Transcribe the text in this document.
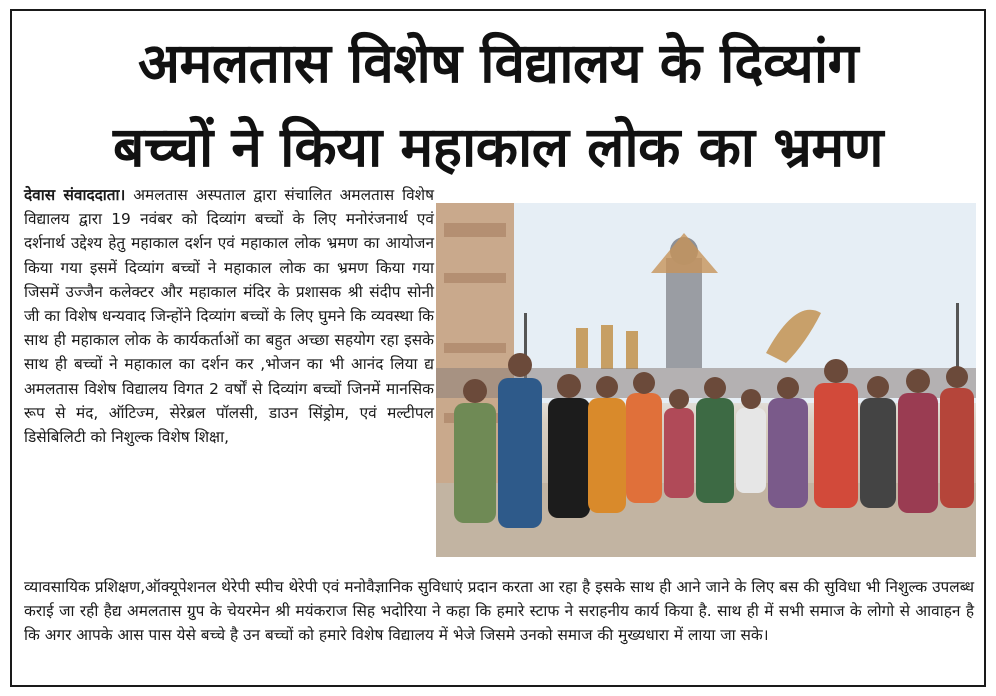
अमलतास विशेष विद्यालय के दिव्यांग
बच्चों ने किया महाकाल लोक का भ्रमण
देवास संवाददाता। अमलतास अस्पताल द्वारा संचालित अमलतास विशेष विद्यालय द्वारा 19 नवंबर को दिव्यांग बच्चों के लिए मनोरंजनार्थ एवं दर्शनार्थ उद्देश्य हेतु महाकाल दर्शन एवं महाकाल लोक भ्रमण का आयोजन किया गया इसमें दिव्यांग बच्चों ने महाकाल लोक का भ्रमण किया गया जिसमें उज्जैन कलेक्टर और महाकाल मंदिर के प्रशासक श्री संदीप सोनी जी का विशेष धन्यवाद जिन्होंने दिव्यांग बच्चों के लिए घुमने कि व्यवस्था कि साथ ही महाकाल लोक के कार्यकर्ताओं का बहुत अच्छा सहयोग रहा इसके साथ ही बच्चों ने महाकाल का दर्शन कर ,भोजन का भी आनंद लिया द्य अमलतास विशेष विद्यालय विगत 2 वर्षों से दिव्यांग बच्चों जिनमें मानसिक रूप से मंद, ऑटिज्म, सेरेब्रल पॉलसी, डाउन सिंड्रोम, एवं मल्टीपल डिसेबिलिटी को निशुल्क विशेष शिक्षा,
व्यावसायिक प्रशिक्षण,ऑक्यूपेशनल थेरेपी स्पीच थेरेपी एवं मनोवैज्ञानिक सुविधाएं प्रदान करता आ रहा है इसके साथ ही आने जाने के लिए बस की सुविधा भी निशुल्क उपलब्ध कराई जा रही हैद्य अमलतास ग्रुप के चेयरमेन श्री मयंकराज सिह भदोरिया ने कहा कि हमारे स्टाफ ने सराहनीय कार्य किया है. साथ ही में सभी समाज के लोगो से आवाहन है कि अगर आपके आस पास येसे बच्चे है उन बच्चों को हमारे विशेष विद्यालय में भेजे जिसमे उनको समाज की मुख्यधारा में लाया जा सके।
